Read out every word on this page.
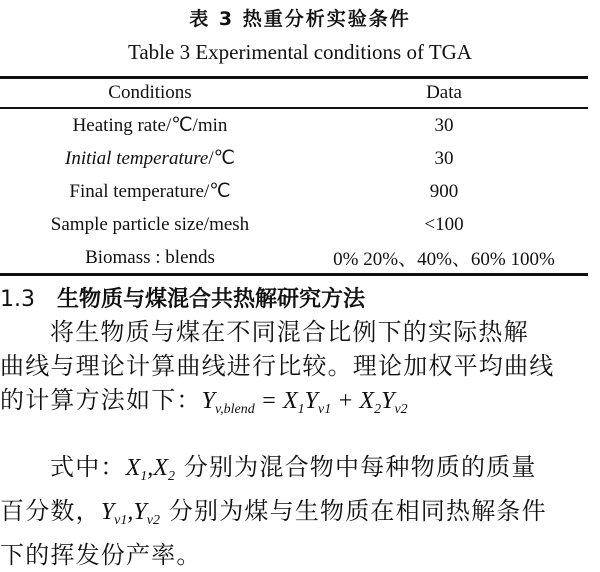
表 3 热重分析实验条件
Table 3 Experimental conditions of TGA
Conditions	Data
Heating rate/℃/min	30
Initial temperature/℃	30
Final temperature/℃	900
Sample particle size/mesh	<100
Biomass : blends	0% 20%、40%、60% 100%
1.3 生物质与煤混合共热解研究方法
将生物质与煤在不同混合比例下的实际热解
曲线与理论计算曲线进行比较。理论加权平均曲线
的计算方法如下：$Y_{v,blend} = X_1Y_{v1} + X_2Y_{v2}$
式中：$X_1,X_2$ 分别为混合物中每种物质的质量
百分数，$Y_{v1},Y_{v2}$ 分别为煤与生物质在相同热解条件
下的挥发份产率。
